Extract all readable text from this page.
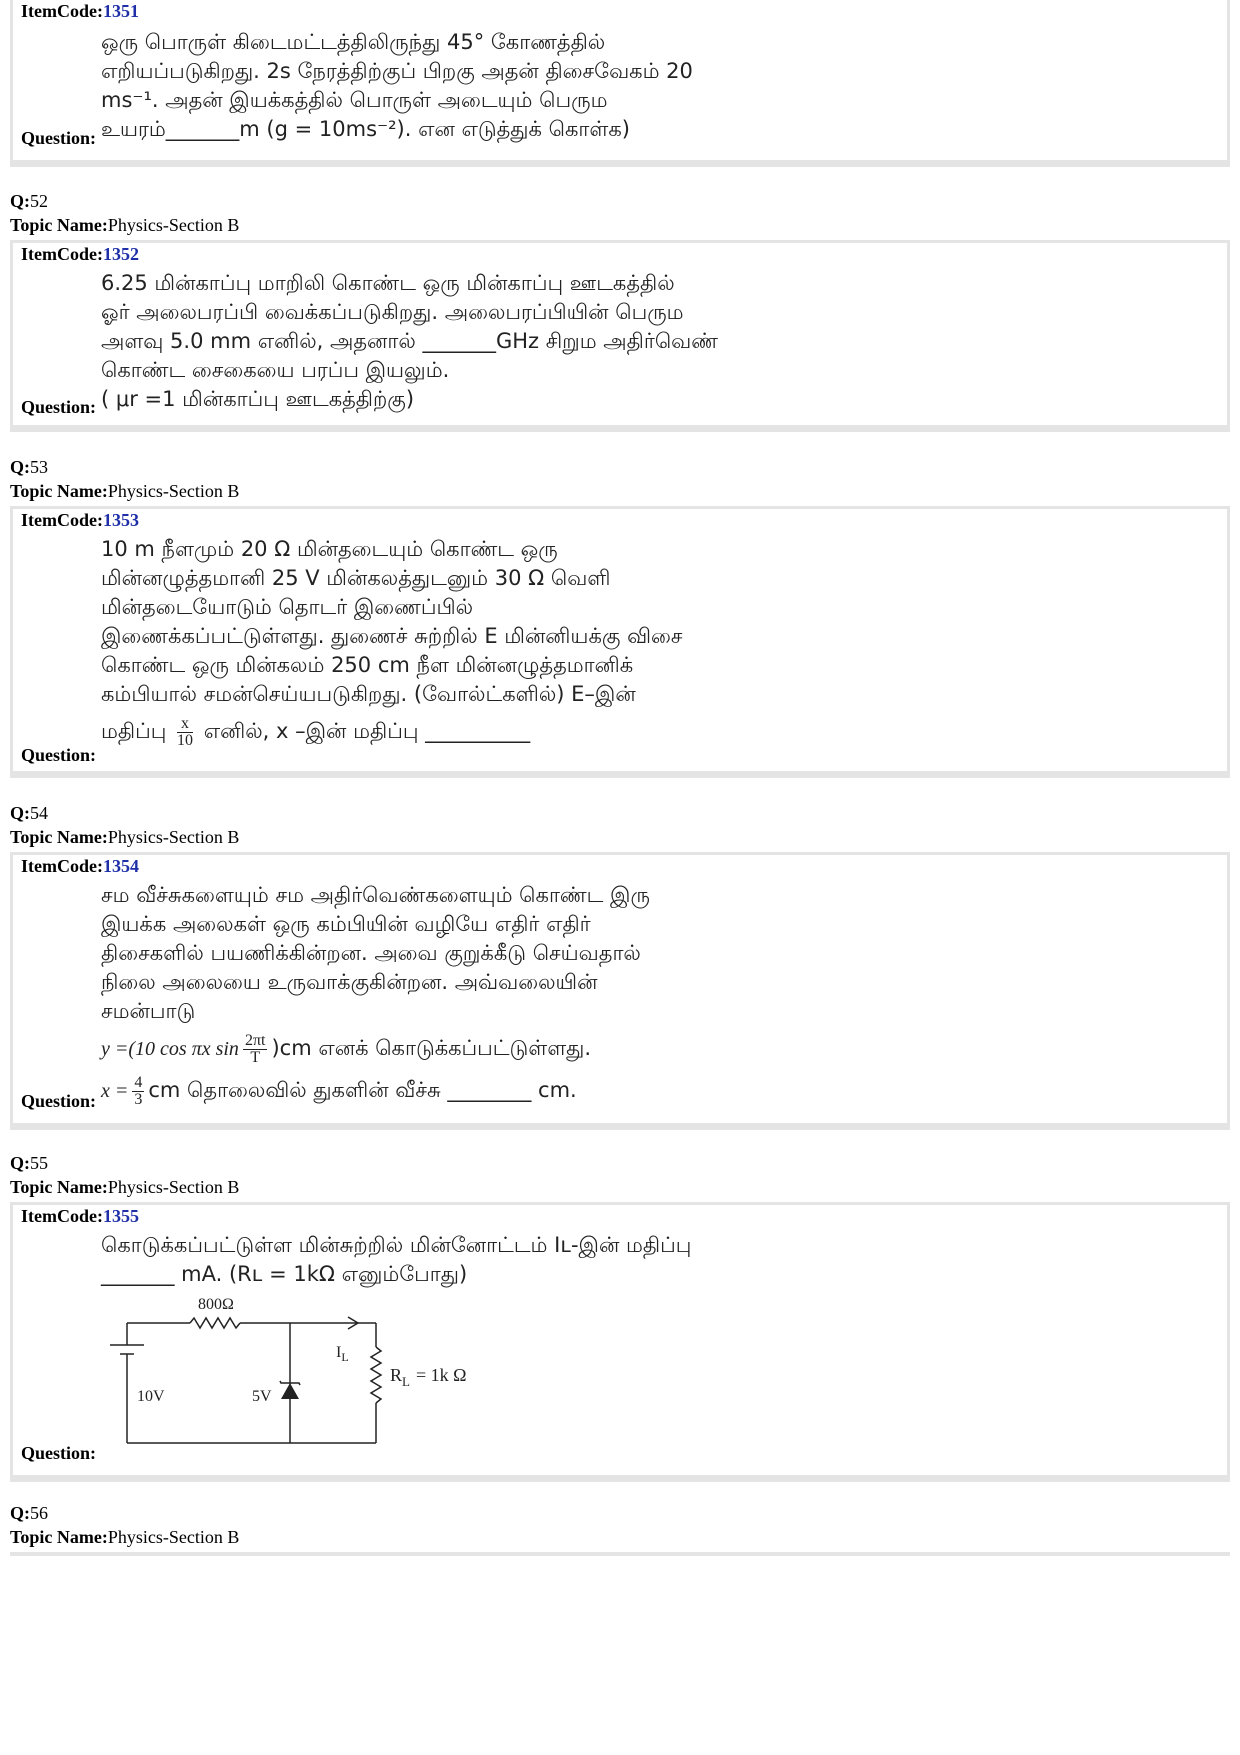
ItemCode:1351
ஒரு பொருள் கிடைமட்டத்திலிருந்து 45° கோணத்தில்
எறியப்படுகிறது. 2s நேரத்திற்குப் பிறகு அதன் திசைவேகம் 20
ms⁻¹. அதன் இயக்கத்தில் பொருள் அடையும் பெரும
உயரம்_______m (g = 10ms⁻²). என எடுத்துக் கொள்க)
Question:
Q:52
Topic Name:Physics-Section B
ItemCode:1352
6.25 மின்காப்பு மாறிலி கொண்ட ஒரு மின்காப்பு ஊடகத்தில்
ஓர் அலைபரப்பி வைக்கப்படுகிறது. அலைபரப்பியின் பெரும
அளவு 5.0 mm எனில், அதனால் _______GHz சிறும அதிர்வெண்
கொண்ட சைகையை பரப்ப இயலும்.
( μr =1 மின்காப்பு ஊடகத்திற்கு)
Question:
Q:53
Topic Name:Physics-Section B
ItemCode:1353
10 m நீளமும் 20 Ω மின்தடையும் கொண்ட ஒரு
மின்னழுத்தமானி 25 V மின்கலத்துடனும் 30 Ω வெளி
மின்தடையோடும் தொடர் இணைப்பில்
இணைக்கப்பட்டுள்ளது. துணைச் சுற்றில் E மின்னியக்கு விசை
கொண்ட ஒரு மின்கலம் 250 cm நீள மின்னழுத்தமானிக்
கம்பியால் சமன்செய்யபடுகிறது. (வோல்ட்களில்) E–இன்
மதிப்பு $\frac{x}{10}$ எனில், x –இன் மதிப்பு __________
Question:
Q:54
Topic Name:Physics-Section B
ItemCode:1354
சம வீச்சுகளையும் சம அதிர்வெண்களையும் கொண்ட இரு
இயக்க அலைகள் ஒரு கம்பியின் வழியே எதிர் எதிர்
திசைகளில் பயணிக்கின்றன. அவை குறுக்கீடு செய்வதால்
நிலை அலையை உருவாக்குகின்றன. அவ்வலையின்
சமன்பாடு
y =(10 cos πx $\sin \frac{2\pi t}{T} )cm$ எனக் கொடுக்கப்பட்டுள்ளது.
$x = \frac{4}{3}$ cm தொலைவில் துகளின் வீச்சு ________ cm.
Question:
Q:55
Topic Name:Physics-Section B
ItemCode:1355
கொடுக்கப்பட்டுள்ள மின்சுற்றில் மின்னோட்டம் Iʟ-இன் மதிப்பு
_______ mA. (Rʟ = 1kΩ எனும்போது)
800Ω
10V	5V
$I_L$
$R_L = 1k$ Ω
Question:
Q:56
Topic Name:Physics-Section B
